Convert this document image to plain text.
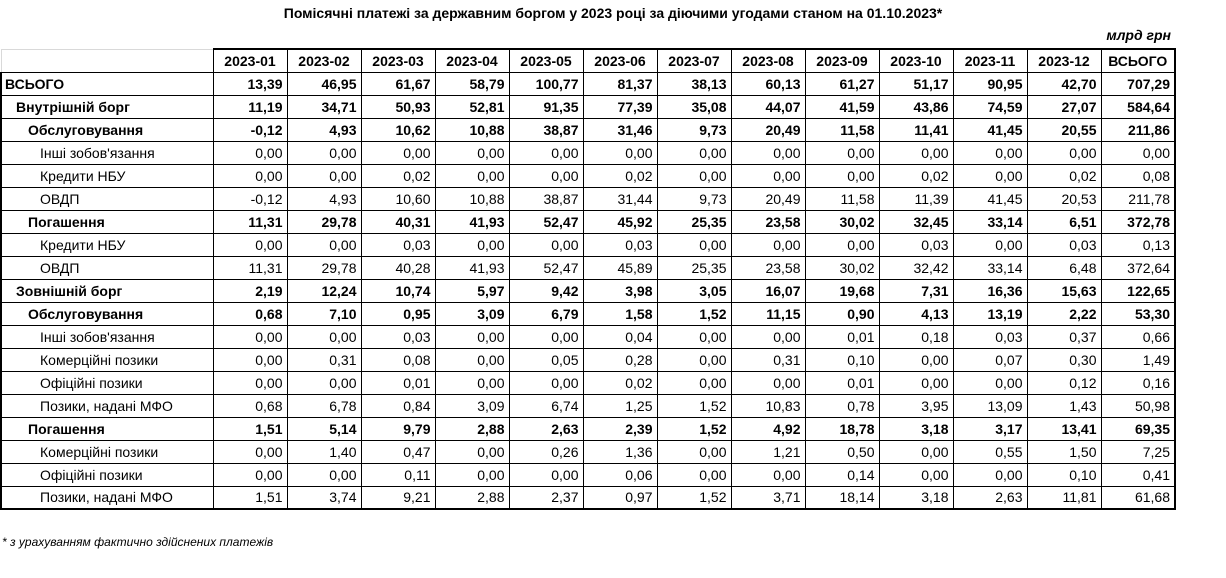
Помісячні платежі за державним боргом у 2023 році за діючими угодами станом на 01.10.2023*
млрд грн
	2023-01	2023-02	2023-03	2023-04	2023-05	2023-06	2023-07	2023-08	2023-09	2023-10	2023-11	2023-12	ВСЬОГО
ВСЬОГО	13,39	46,95	61,67	58,79	100,77	81,37	38,13	60,13	61,27	51,17	90,95	42,70	707,29
Внутрішній борг	11,19	34,71	50,93	52,81	91,35	77,39	35,08	44,07	41,59	43,86	74,59	27,07	584,64
Обслуговування	-0,12	4,93	10,62	10,88	38,87	31,46	9,73	20,49	11,58	11,41	41,45	20,55	211,86
Інші зобов'язання	0,00	0,00	0,00	0,00	0,00	0,00	0,00	0,00	0,00	0,00	0,00	0,00	0,00
Кредити НБУ	0,00	0,00	0,02	0,00	0,00	0,02	0,00	0,00	0,00	0,02	0,00	0,02	0,08
ОВДП	-0,12	4,93	10,60	10,88	38,87	31,44	9,73	20,49	11,58	11,39	41,45	20,53	211,78
Погашення	11,31	29,78	40,31	41,93	52,47	45,92	25,35	23,58	30,02	32,45	33,14	6,51	372,78
Кредити НБУ	0,00	0,00	0,03	0,00	0,00	0,03	0,00	0,00	0,00	0,03	0,00	0,03	0,13
ОВДП	11,31	29,78	40,28	41,93	52,47	45,89	25,35	23,58	30,02	32,42	33,14	6,48	372,64
Зовнішній борг	2,19	12,24	10,74	5,97	9,42	3,98	3,05	16,07	19,68	7,31	16,36	15,63	122,65
Обслуговування	0,68	7,10	0,95	3,09	6,79	1,58	1,52	11,15	0,90	4,13	13,19	2,22	53,30
Інші зобов'язання	0,00	0,00	0,03	0,00	0,00	0,04	0,00	0,00	0,01	0,18	0,03	0,37	0,66
Комерційні позики	0,00	0,31	0,08	0,00	0,05	0,28	0,00	0,31	0,10	0,00	0,07	0,30	1,49
Офіційні позики	0,00	0,00	0,01	0,00	0,00	0,02	0,00	0,00	0,01	0,00	0,00	0,12	0,16
Позики, надані МФО	0,68	6,78	0,84	3,09	6,74	1,25	1,52	10,83	0,78	3,95	13,09	1,43	50,98
Погашення	1,51	5,14	9,79	2,88	2,63	2,39	1,52	4,92	18,78	3,18	3,17	13,41	69,35
Комерційні позики	0,00	1,40	0,47	0,00	0,26	1,36	0,00	1,21	0,50	0,00	0,55	1,50	7,25
Офіційні позики	0,00	0,00	0,11	0,00	0,00	0,06	0,00	0,00	0,14	0,00	0,00	0,10	0,41
Позики, надані МФО	1,51	3,74	9,21	2,88	2,37	0,97	1,52	3,71	18,14	3,18	2,63	11,81	61,68
* з урахуванням фактично здійснених платежів
